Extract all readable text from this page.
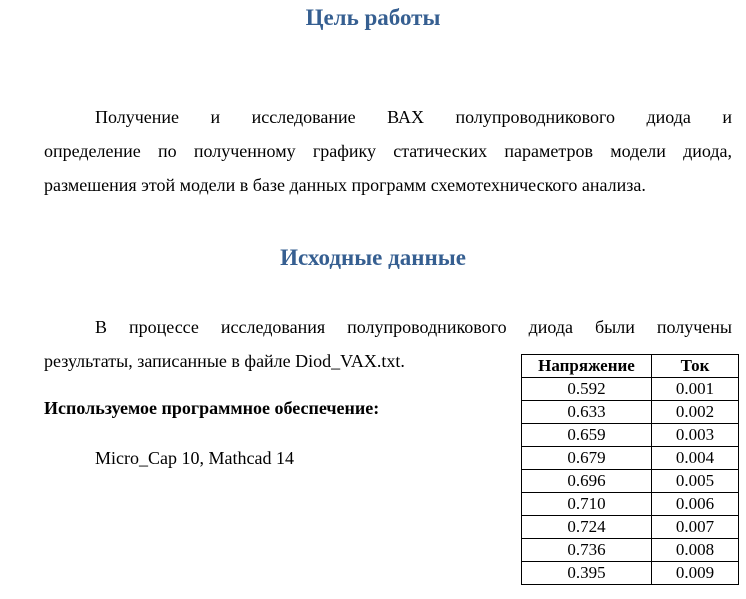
Цель работы
Получение и исследование ВАХ полупроводникового диода и
определение по полученному графику статических параметров модели диода,
размешения этой модели в базе данных программ схемотехнического анализа.
Исходные данные
В процессе исследования полупроводникового диода были получены
результаты, записанные в файле Diod_VAX.txt.

Используемое программное обеспечение:

Micro_Cap 10, Mathcad 14

Напряжение	Ток
0.592	0.001
0.633	0.002
0.659	0.003
0.679	0.004
0.696	0.005
0.710	0.006
0.724	0.007
0.736	0.008
0.395	0.009
